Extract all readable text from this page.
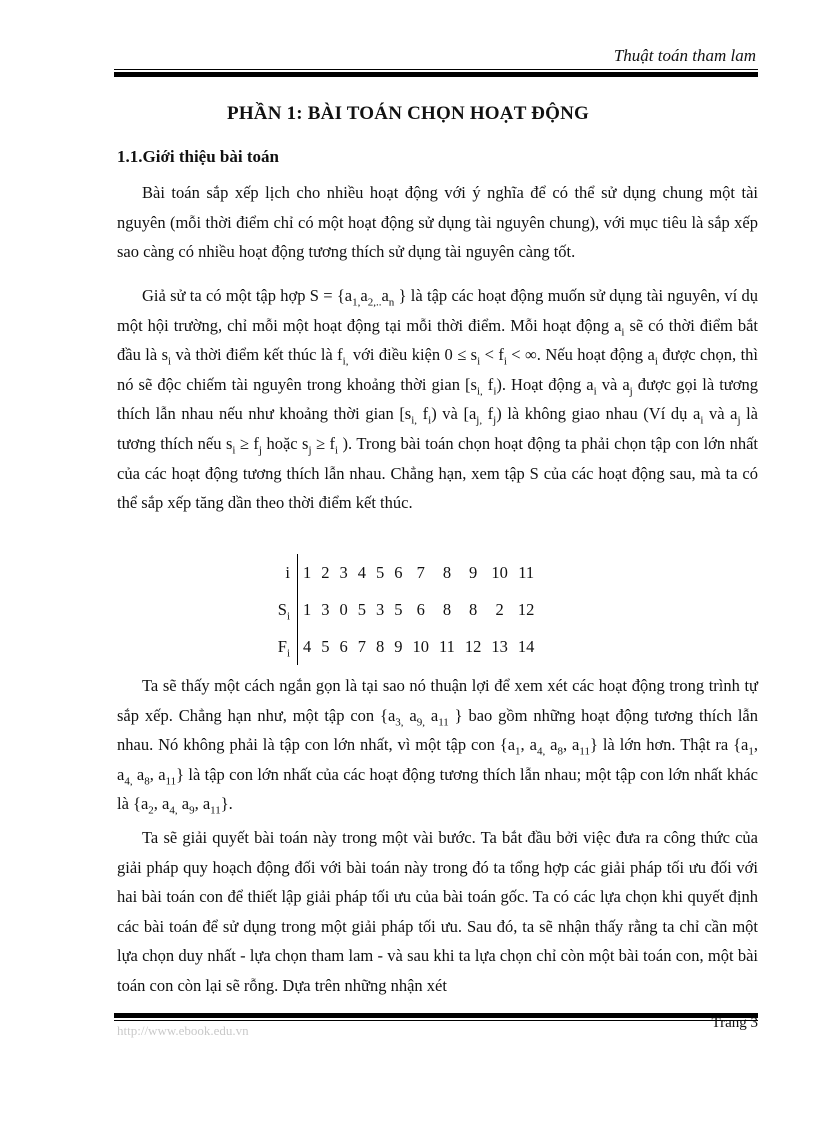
Thuật toán tham lam
PHẦN 1: BÀI TOÁN CHỌN HOẠT ĐỘNG
1.1.Giới thiệu bài toán
Bài toán sắp xếp lịch cho nhiều hoạt động với ý nghĩa để có thể sử dụng chung một tài nguyên (mỗi thời điểm chỉ có một hoạt động sử dụng tài nguyên chung), với mục tiêu là sắp xếp sao càng có nhiều hoạt động tương thích sử dụng tài nguyên càng tốt.
Giả sử ta có một tập hợp $S = \{a_{1,}a_{2,..}a_n$ } là tập các hoạt động muốn sử dụng tài nguyên, ví dụ một hội trường, chỉ mỗi một hoạt động tại mỗi thời điểm. Mỗi hoạt động $a_i$ sẽ có thời điểm bắt đầu là $s_i$ và thời điểm kết thúc là $f_{i,}$ với điều kiện $0 \le s_i < f_i$ < ∞. Nếu hoạt động $a_i$ được chọn, thì nó sẽ độc chiếm tài nguyên trong khoảng thời gian [$s_{i,}$ $f_i$). Hoạt động $a_i$ và $a_j$ được gọi là tương thích lẫn nhau nếu như khoảng thời gian [$s_{i,}$ $f_i$) và [$a_{j,}$ $f_j$) là không giao nhau (Ví dụ $a_i$ và $a_j$ là tương thích nếu $s_i \ge f_j$ hoặc $s_j \ge f_i$ ). Trong bài toán chọn hoạt động ta phải chọn tập con lớn nhất của các hoạt động tương thích lẫn nhau. Chẳng hạn, xem tập S của các hoạt động sau, mà ta có thể sắp xếp tăng dần theo thời điểm kết thúc.
i	1	2	3	4	5	6	7	8	9	10	11
$S_i$	1	3	0	5	3	5	6	8	8	2	12
$F_i$	4	5	6	7	8	9	10	11	12	13	14
Ta sẽ thấy một cách ngắn gọn là tại sao nó thuận lợi để xem xét các hoạt động trong trình tự sắp xếp. Chẳng hạn như, một tập con {$a_{3,}$ $a_{9,}$ $a_{11}$ } bao gồm những hoạt động tương thích lẫn nhau. Nó không phải là tập con lớn nhất, vì một tập con {$a_1$, $a_{4,}$ $a_8$, $a_{11}$} là lớn hơn. Thật ra {$a_1$, $a_{4,}$ $a_8$, $a_{11}$} là tập con lớn nhất của các hoạt động tương thích lẫn nhau; một tập con lớn nhất khác là {$a_2$, $a_{4,}$ $a_9$, $a_{11}$}.
Ta sẽ giải quyết bài toán này trong một vài bước. Ta bắt đầu bởi việc đưa ra công thức của giải pháp quy hoạch động đối với bài toán này trong đó ta tổng hợp các giải pháp tối ưu đối với hai bài toán con để thiết lập giải pháp tối ưu của bài toán gốc. Ta có các lựa chọn khi quyết định các bài toán để sử dụng trong một giải pháp tối ưu. Sau đó, ta sẽ nhận thấy rằng ta chỉ cần một lựa chọn duy nhất - lựa chọn tham lam - và sau khi ta lựa chọn chỉ còn một bài toán con, một bài toán con còn lại sẽ rỗng. Dựa trên những nhận xét
http://www.ebook.edu.vn	Trang 3
